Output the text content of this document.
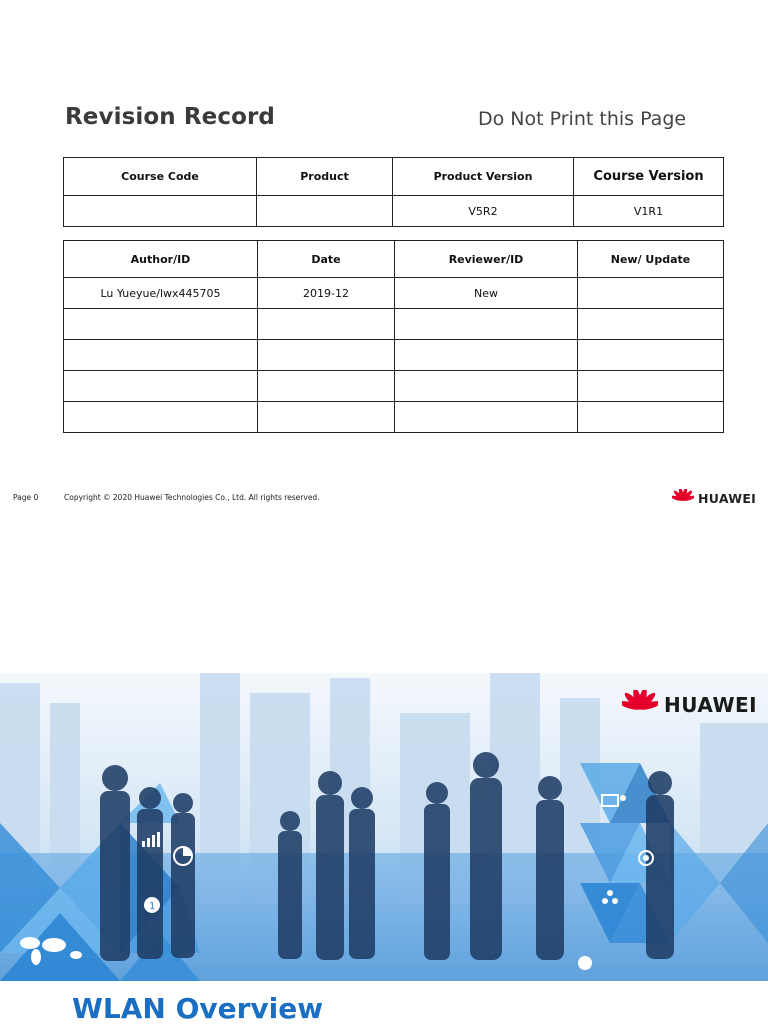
Revision Record	Do Not Print this Page
Course Code	Product	Product Version	Course Version
		V5R2	V1R1
Author/ID	Date	Reviewer/ID	New/ Update
Lu Yueyue/lwx445705	2019-12	New	

Page 0	Copyright © 2020 Huawei Technologies Co., Ltd. All rights reserved.	HUAWEI
1
HUAWEI
WLAN Overview
